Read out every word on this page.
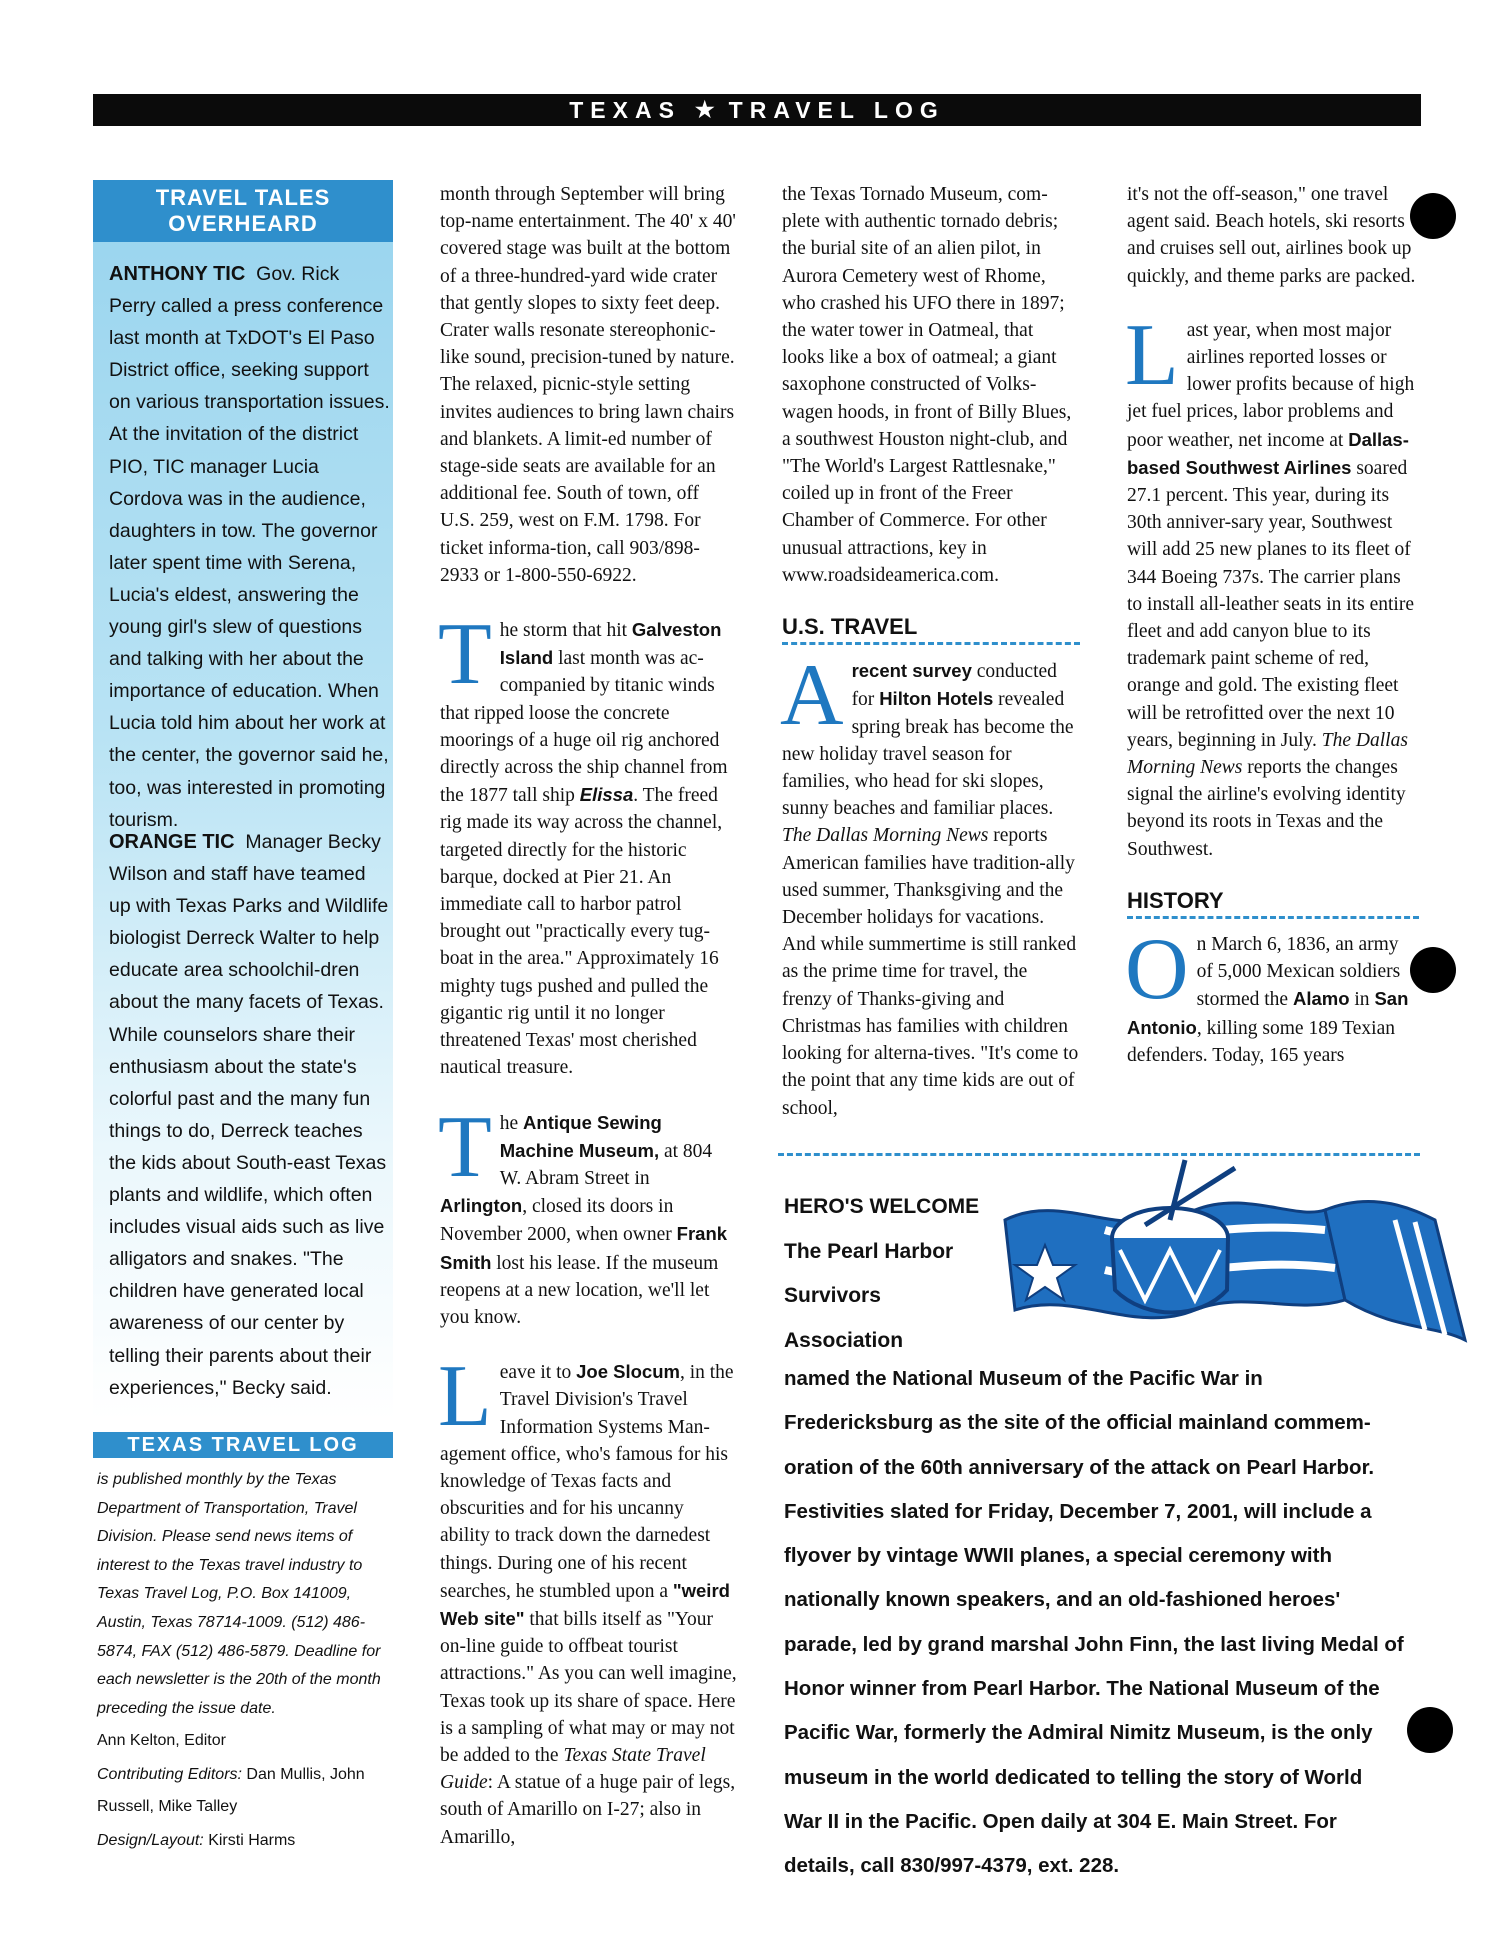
TEXAS ★ TRAVEL LOG
TRAVEL TALES
OVERHEARD

ANTHONY TIC Gov. Rick Perry called a press conference last month at TxDOT's El Paso District office, seeking support on various transportation issues. At the invitation of the district PIO, TIC manager Lucia Cordova was in the audience, daughters in tow. The governor later spent time with Serena, Lucia's eldest, answering the young girl's slew of questions and talking with her about the importance of education. When Lucia told him about her work at the center, the governor said he, too, was interested in promoting tourism.

ORANGE TIC Manager Becky Wilson and staff have teamed up with Texas Parks and Wildlife biologist Derreck Walter to help educate area schoolchil-dren about the many facets of Texas. While counselors share their enthusiasm about the state's colorful past and the many fun things to do, Derreck teaches the kids about South-east Texas plants and wildlife, which often includes visual aids such as live alligators and snakes. "The children have generated local awareness of our center by telling their parents about their experiences," Becky said.

TEXAS TRAVEL LOG

is published monthly by the Texas Department of Transportation, Travel Division. Please send news items of interest to the Texas travel industry to Texas Travel Log, P.O. Box 141009, Austin, Texas 78714-1009. (512) 486-5874, FAX (512) 486-5879. Deadline for each newsletter is the 20th of the month preceding the issue date.

Ann Kelton, Editor

Contributing Editors: Dan Mullis, John Russell, Mike Talley

Design/Layout: Kirsti Harms

month through September will bring top-name entertainment. The 40' x 40' covered stage was built at the bottom of a three-hundred-yard wide crater that gently slopes to sixty feet deep. Crater walls resonate stereophonic-like sound, precision-tuned by nature. The relaxed, picnic-style setting invites audiences to bring lawn chairs and blankets. A limit-ed number of stage-side seats are available for an additional fee. South of town, off U.S. 259, west on F.M. 1798. For ticket informa-tion, call 903/898-2933 or 1-800-550-6922.

The storm that hit Galveston Island last month was ac-companied by titanic winds that ripped loose the concrete moorings of a huge oil rig anchored directly across the ship channel from the 1877 tall ship Elissa. The freed rig made its way across the channel, targeted directly for the historic barque, docked at Pier 21. An immediate call to harbor patrol brought out "practically every tug-boat in the area." Approximately 16 mighty tugs pushed and pulled the gigantic rig until it no longer threatened Texas' most cherished nautical treasure.

The Antique Sewing Machine Museum, at 804 W. Abram Street in Arlington, closed its doors in November 2000, when owner Frank Smith lost his lease. If the museum reopens at a new location, we'll let you know.

Leave it to Joe Slocum, in the Travel Division's Travel Information Systems Man-agement office, who's famous for his knowledge of Texas facts and obscurities and for his uncanny ability to track down the darnedest things. During one of his recent searches, he stumbled upon a "weird Web site" that bills itself as "Your on-line guide to offbeat tourist attractions." As you can well imagine, Texas took up its share of space. Here is a sampling of what may or may not be added to the Texas State Travel Guide: A statue of a huge pair of legs, south of Amarillo on I-27; also in Amarillo,

the Texas Tornado Museum, com-plete with authentic tornado debris; the burial site of an alien pilot, in Aurora Cemetery west of Rhome, who crashed his UFO there in 1897; the water tower in Oatmeal, that looks like a box of oatmeal; a giant saxophone constructed of Volks-wagen hoods, in front of Billy Blues, a southwest Houston night-club, and "The World's Largest Rattlesnake," coiled up in front of the Freer Chamber of Commerce. For other unusual attractions, key in www.roadsideamerica.com.

U.S. TRAVEL

Arecent survey conducted for Hilton Hotels revealed spring break has become the new holiday travel season for families, who head for ski slopes, sunny beaches and familiar places. The Dallas Morning News reports American families have tradition-ally used summer, Thanksgiving and the December holidays for vacations. And while summertime is still ranked as the prime time for travel, the frenzy of Thanks-giving and Christmas has families with children looking for alterna-tives. "It's come to the point that any time kids are out of school,

it's not the off-season," one travel agent said. Beach hotels, ski resorts and cruises sell out, airlines book up quickly, and theme parks are packed.

Last year, when most major airlines reported losses or lower profits because of high jet fuel prices, labor problems and poor weather, net income at Dallas-based Southwest Airlines soared 27.1 percent. This year, during its 30th anniver-sary year, Southwest will add 25 new planes to its fleet of 344 Boeing 737s. The carrier plans to install all-leather seats in its entire fleet and add canyon blue to its trademark paint scheme of red, orange and gold. The existing fleet will be retrofitted over the next 10 years, beginning in July. The Dallas Morning News reports the changes signal the airline's evolving identity beyond its roots in Texas and the Southwest.

HISTORY

On March 6, 1836, an army of 5,000 Mexican soldiers stormed the Alamo in San Antonio, killing some 189 Texian defenders. Today, 165 years

HERO'S WELCOME
The Pearl Harbor
Survivors
Association
named the National Museum of the Pacific War in Fredericksburg as the site of the official mainland commem-oration of the 60th anniversary of the attack on Pearl Harbor. Festivities slated for Friday, December 7, 2001, will include a flyover by vintage WWII planes, a special ceremony with nationally known speakers, and an old-fashioned heroes' parade, led by grand marshal John Finn, the last living Medal of Honor winner from Pearl Harbor. The National Museum of the Pacific War, formerly the Admiral Nimitz Museum, is the only museum in the world dedicated to telling the story of World War II in the Pacific. Open daily at 304 E. Main Street. For details, call 830/997-4379, ext. 228.
